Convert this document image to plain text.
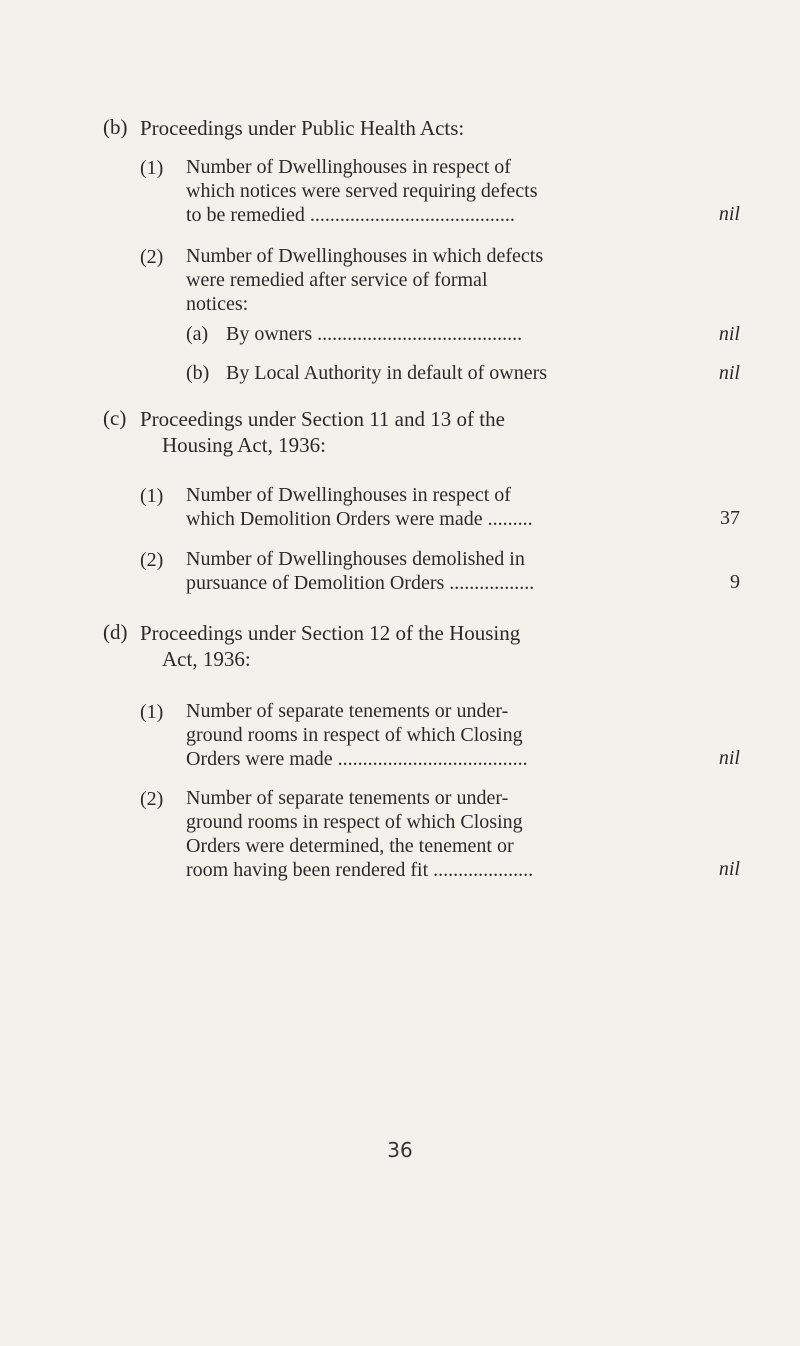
(b) Proceedings under Public Health Acts:
(1) Number of Dwellinghouses in respect of
which notices were served requiring defects
to be remedied .........................................	nil
(2) Number of Dwellinghouses in which defects
were remedied after service of formal
notices:
(a) By owners .........................................	nil
(b) By Local Authority in default of owners	nil
(c) Proceedings under Section 11 and 13 of the
Housing Act, 1936:
(1) Number of Dwellinghouses in respect of
which Demolition Orders were made .........	37
(2) Number of Dwellinghouses demolished in
pursuance of Demolition Orders .................	9
(d) Proceedings under Section 12 of the Housing
Act, 1936:
(1) Number of separate tenements or under-
ground rooms in respect of which Closing
Orders were made ......................................	nil
(2) Number of separate tenements or under-
ground rooms in respect of which Closing
Orders were determined, the tenement or
room having been rendered fit ....................	nil
36
